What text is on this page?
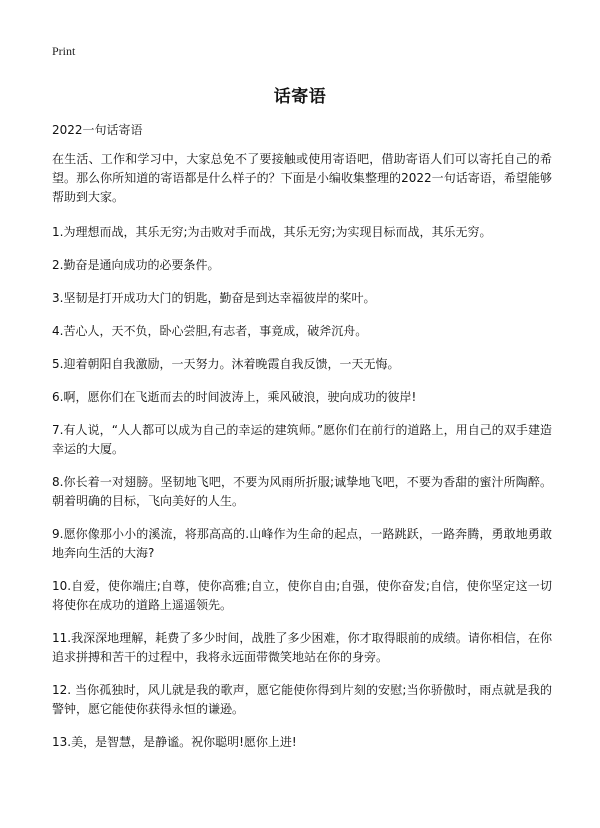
Print
话寄语
2022一句话寄语

在生活、工作和学习中，大家总免不了要接触或使用寄语吧，借助寄语人们可以寄托自己的希望。那么你所知道的寄语都是什么样子的？下面是小编收集整理的2022一句话寄语，希望能够帮助到大家。

1.为理想而战，其乐无穷;为击败对手而战，其乐无穷;为实现目标而战，其乐无穷。

2.勤奋是通向成功的必要条件。

3.坚韧是打开成功大门的钥匙，勤奋是到达幸福彼岸的桨叶。

4.苦心人，天不负，卧心尝胆,有志者，事竟成，破斧沉舟。

5.迎着朝阳自我激励，一天努力。沐着晚霞自我反馈，一天无悔。

6.啊，愿你们在飞逝而去的时间波涛上，乘风破浪，驶向成功的彼岸!

7.有人说，“人人都可以成为自己的幸运的建筑师。”愿你们在前行的道路上，用自己的双手建造幸运的大厦。

8.你长着一对翅膀。坚韧地飞吧，不要为风雨所折服;诚挚地飞吧，不要为香甜的蜜汁所陶醉。朝着明确的目标，飞向美好的人生。

9.愿你像那小小的溪流，将那高高的.山峰作为生命的起点，一路跳跃，一路奔腾，勇敢地勇敢地奔向生活的大海?

10.自爱，使你端庄;自尊，使你高雅;自立，使你自由;自强，使你奋发;自信，使你坚定这一切将使你在成功的道路上遥遥领先。

11.我深深地理解，耗费了多少时间，战胜了多少困难，你才取得眼前的成绩。请你相信，在你追求拼搏和苦干的过程中，我将永远面带微笑地站在你的身旁。

12. 当你孤独时，风儿就是我的歌声，愿它能使你得到片刻的安慰;当你骄傲时，雨点就是我的警钟，愿它能使你获得永恒的谦逊。

13.美，是智慧，是静谧。祝你聪明!愿你上进!
